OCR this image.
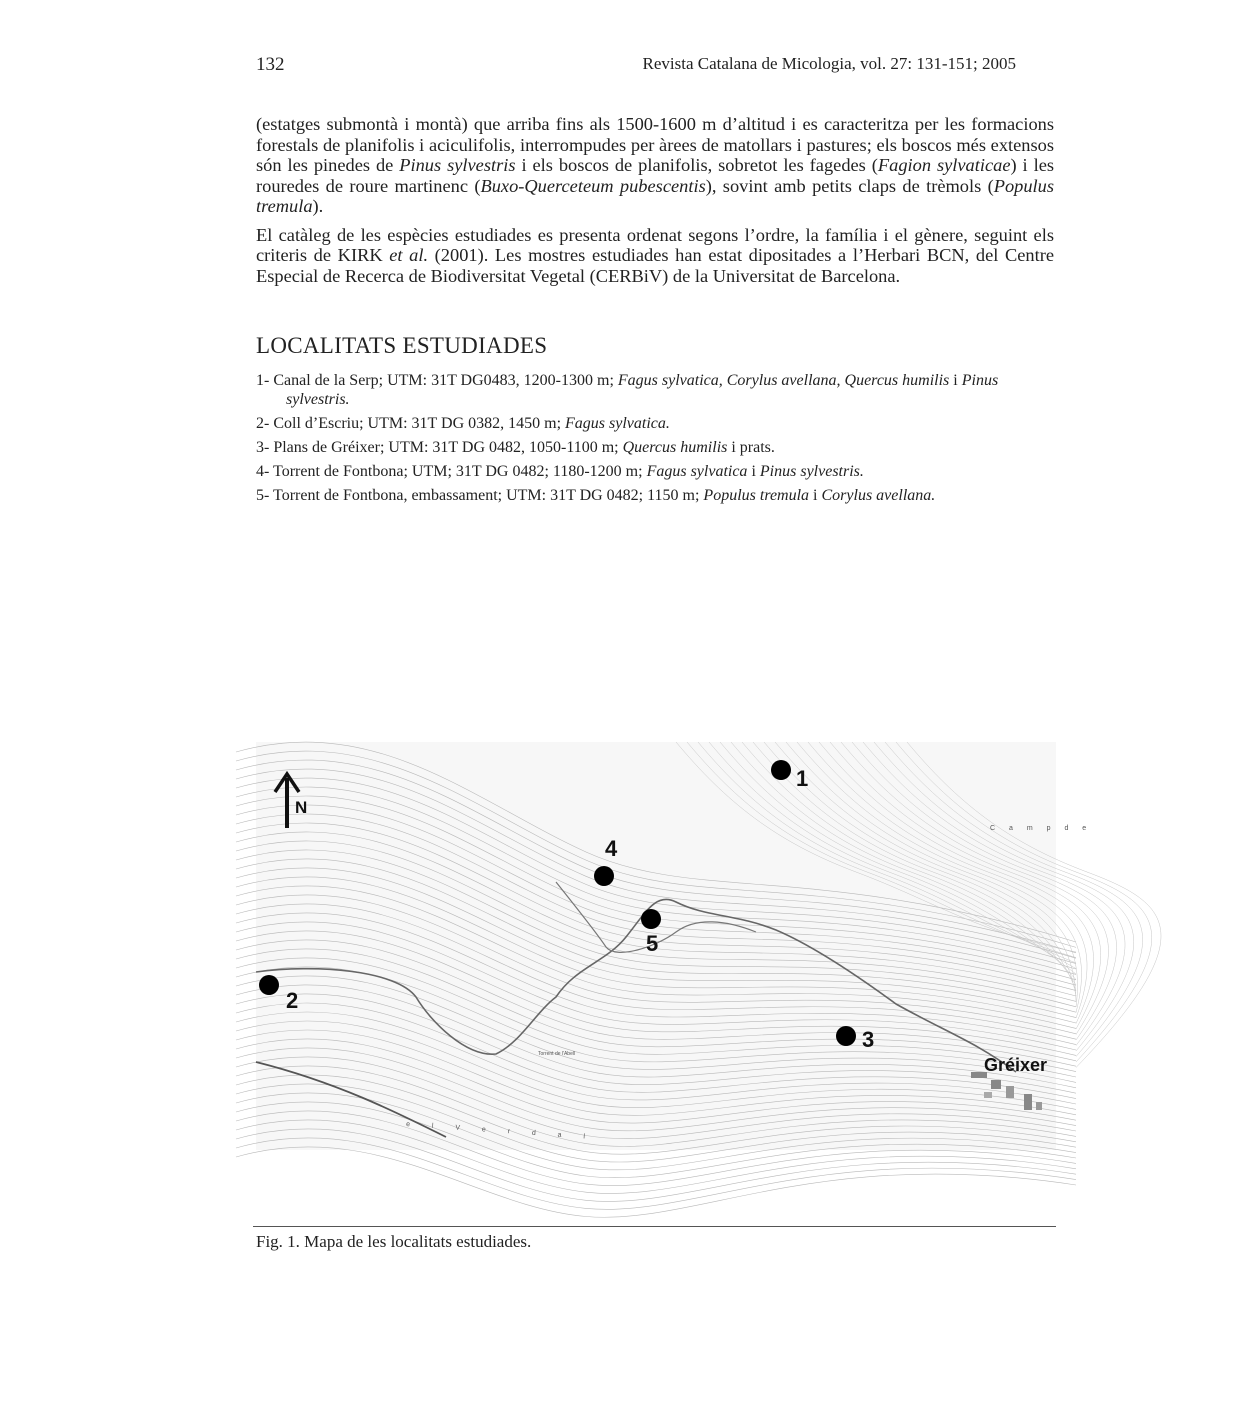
132	Revista Catalana de Micologia, vol. 27: 131-151; 2005

(estatges submontà i montà) que arriba fins als 1500-1600 m d’altitud i es caracteritza per les formacions forestals de planifolis i aciculifolis, interrompudes per àrees de matollars i pastures; els boscos més extensos són les pinedes de Pinus sylvestris i els boscos de planifolis, sobretot les fagedes (Fagion sylvaticae) i les rouredes de roure martinenc (Buxo-Querceteum pubescentis), sovint amb petits claps de trèmols (Populus tremula).

El catàleg de les espècies estudiades es presenta ordenat segons l’ordre, la família i el gènere, seguint els criteris de KIRK et al. (2001). Les mostres estudiades han estat dipositades a l’Herbari BCN, del Centre Especial de Recerca de Biodiversitat Vegetal (CERBiV) de la Universitat de Barcelona.

LOCALITATS ESTUDIADES
1- Canal de la Serp; UTM: 31T DG0483, 1200-1300 m; Fagus sylvatica, Corylus avellana, Quercus humilis i Pinus sylvestris.
2- Coll d’Escriu; UTM: 31T DG 0382, 1450 m; Fagus sylvatica.
3- Plans de Gréixer; UTM: 31T DG 0482, 1050-1100 m; Quercus humilis i prats.
4- Torrent de Fontbona; UTM; 31T DG 0482; 1180-1200 m; Fagus sylvatica i Pinus sylvestris.
5- Torrent de Fontbona, embassament; UTM: 31T DG 0482; 1150 m; Populus tremula i Corylus avellana.
N
C a m p d e
e l V e r d a l
Torrent de l'Abell
1
2
3
4
5
Gréixer
Fig. 1. Mapa de les localitats estudiades.
